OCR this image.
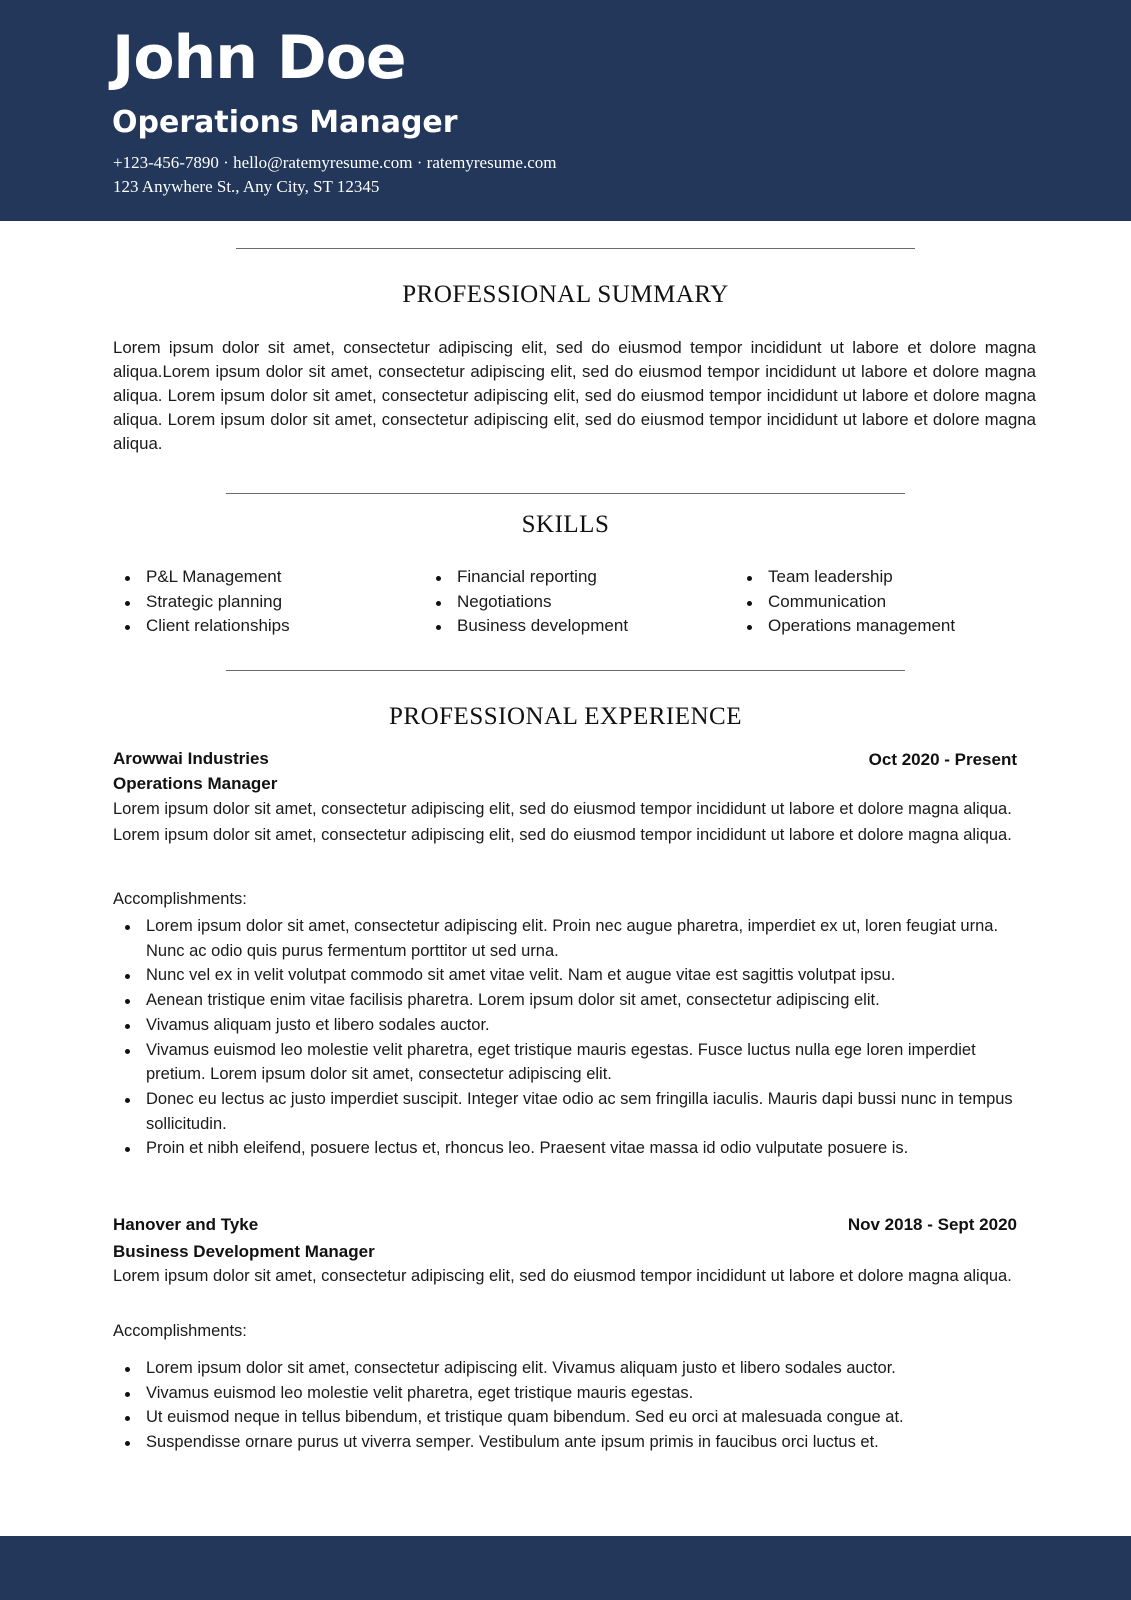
John Doe
Operations Manager
+123-456-7890 · hello@ratemyresume.com · ratemyresume.com
123 Anywhere St., Any City, ST 12345
PROFESSIONAL SUMMARY
Lorem ipsum dolor sit amet, consectetur adipiscing elit, sed do eiusmod tempor incididunt ut labore et dolore magna aliqua.Lorem ipsum dolor sit amet, consectetur adipiscing elit, sed do eiusmod tempor incididunt ut labore et dolore magna aliqua. Lorem ipsum dolor sit amet, consectetur adipiscing elit, sed do eiusmod tempor incididunt ut labore et dolore magna aliqua. Lorem ipsum dolor sit amet, consectetur adipiscing elit, sed do eiusmod tempor incididunt ut labore et dolore magna aliqua.
SKILLS
P&L Management
Strategic planning
Client relationships
Financial reporting
Negotiations
Business development
Team leadership
Communication
Operations management
PROFESSIONAL EXPERIENCE
Arowwai Industries	Oct 2020 - Present
Operations Manager
Lorem ipsum dolor sit amet, consectetur adipiscing elit, sed do eiusmod tempor incididunt ut labore et dolore magna aliqua. Lorem ipsum dolor sit amet, consectetur adipiscing elit, sed do eiusmod tempor incididunt ut labore et dolore magna aliqua.
Accomplishments:
Lorem ipsum dolor sit amet, consectetur adipiscing elit. Proin nec augue pharetra, imperdiet ex ut, loren feugiat urna. Nunc ac odio quis purus fermentum porttitor ut sed urna.
Nunc vel ex in velit volutpat commodo sit amet vitae velit. Nam et augue vitae est sagittis volutpat ipsu.
Aenean tristique enim vitae facilisis pharetra. Lorem ipsum dolor sit amet, consectetur adipiscing elit.
Vivamus aliquam justo et libero sodales auctor.
Vivamus euismod leo molestie velit pharetra, eget tristique mauris egestas. Fusce luctus nulla ege loren imperdiet pretium. Lorem ipsum dolor sit amet, consectetur adipiscing elit.
Donec eu lectus ac justo imperdiet suscipit. Integer vitae odio ac sem fringilla iaculis. Mauris dapi bussi nunc in tempus sollicitudin.
Proin et nibh eleifend, posuere lectus et, rhoncus leo. Praesent vitae massa id odio vulputate posuere is.
Hanover and Tyke	Nov 2018 - Sept 2020
Business Development Manager
Lorem ipsum dolor sit amet, consectetur adipiscing elit, sed do eiusmod tempor incididunt ut labore et dolore magna aliqua.
Accomplishments:
Lorem ipsum dolor sit amet, consectetur adipiscing elit. Vivamus aliquam justo et libero sodales auctor.
Vivamus euismod leo molestie velit pharetra, eget tristique mauris egestas.
Ut euismod neque in tellus bibendum, et tristique quam bibendum. Sed eu orci at malesuada congue at.
Suspendisse ornare purus ut viverra semper. Vestibulum ante ipsum primis in faucibus orci luctus et.
